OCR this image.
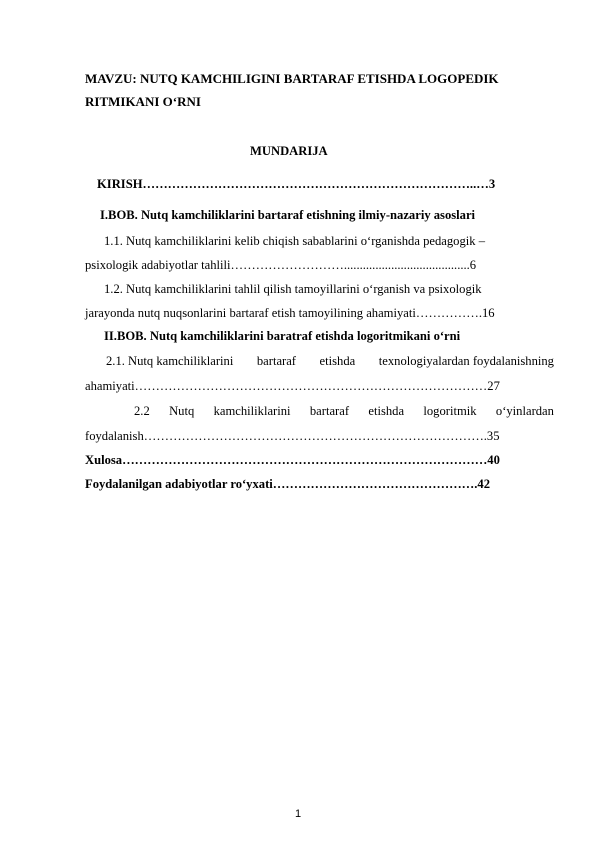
MAVZU: NUTQ KAMCHILIGINI BARTARAF ETISHDA LOGOPEDIK
RITMIKANI O‘RNI
MUNDARIJA
KIRISH……………………………………………………………………..…3
I.BOB. Nutq kamchiliklarini bartaraf etishning ilmiy-nazariy asoslari
1.1. Nutq kamchiliklarini kelib chiqish sabablarini o‘rganishda pedagogik –
psixologik adabiyotlar tahlili………………………........................................6
1.2. Nutq kamchiliklarini tahlil qilish tamoyillarini o‘rganish va psixologik
jarayonda nutq nuqsonlarini bartaraf etish tamoyilining ahamiyati…………….16
II.BOB. Nutq kamchiliklarini baratraf etishda logoritmikani o‘rni
2.1. Nutq kamchiliklarini bartaraf etishda texnologiyalardan foydalanishning
ahamiyati…………………………………………………………………………27
2.2 Nutq kamchiliklarini bartaraf etishda logoritmik o‘yinlardan
foydalanish……………………………………………………………………….35
Xulosa……………………………………………………………………………40
Foydalanilgan adabiyotlar ro‘yxati………………………………………….42
1
